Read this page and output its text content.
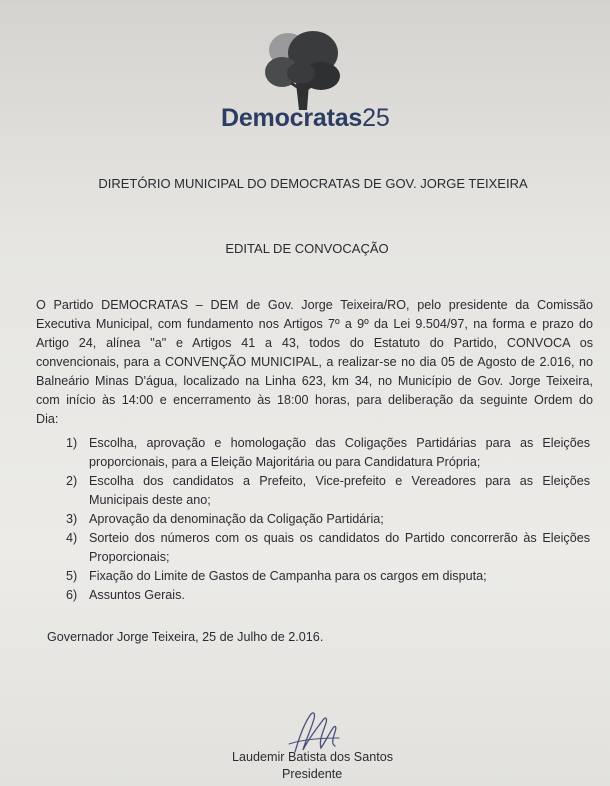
Democratas25
DIRETÓRIO MUNICIPAL DO DEMOCRATAS DE GOV. JORGE TEIXEIRA
EDITAL DE CONVOCAÇÃO
O Partido DEMOCRATAS – DEM de Gov. Jorge Teixeira/RO, pelo presidente da Comissão
Executiva Municipal, com fundamento nos Artigos 7º a 9º da Lei 9.504/97, na forma e prazo do
Artigo 24, alínea "a" e Artigos 41 a 43, todos do Estatuto do Partido, CONVOCA os
convencionais, para a CONVENÇÃO MUNICIPAL, a realizar-se no dia 05 de Agosto de 2.016, no
Balneário Minas D'água, localizado na Linha 623, km 34, no Município de Gov. Jorge Teixeira,
com início às 14:00 e encerramento às 18:00 horas, para deliberação da seguinte Ordem do
Dia:
1) Escolha, aprovação e homologação das Coligações Partidárias para as Eleições proporcionais, para a Eleição Majoritária ou para Candidatura Própria;
2) Escolha dos candidatos a Prefeito, Vice-prefeito e Vereadores para as Eleições Municipais deste ano;
3) Aprovação da denominação da Coligação Partidária;
4) Sorteio dos números com os quais os candidatos do Partido concorrerão às Eleições Proporcionais;
5) Fixação do Limite de Gastos de Campanha para os cargos em disputa;
6) Assuntos Gerais.
Governador Jorge Teixeira, 25 de Julho de 2.016.
Laudemir Batista dos Santos
Presidente
